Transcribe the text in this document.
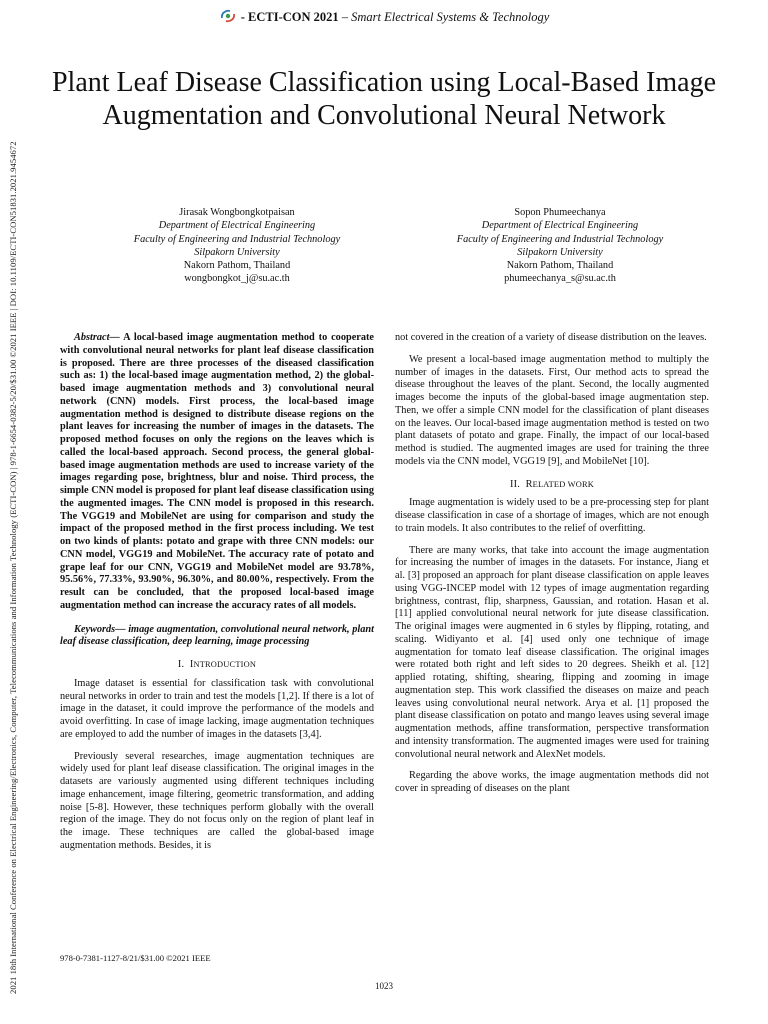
- ECTI-CON 2021 – Smart Electrical Systems & Technology
2021 18th International Conference on Electrical Engineering/Electronics, Computer, Telecommunications and Information Technology (ECTI-CON) | 978-1-6654-0382-5/20/$31.00 ©2021 IEEE | DOI: 10.1109/ECTI-CON51831.2021.9454672
Plant Leaf Disease Classification using Local-Based Image Augmentation and Convolutional Neural Network
Jirasak Wongbongkotpaisan
Department of Electrical Engineering
Faculty of Engineering and Industrial Technology
Silpakorn University
Nakorn Pathom, Thailand
wongbongkot_j@su.ac.th
Sopon Phumeechanya
Department of Electrical Engineering
Faculty of Engineering and Industrial Technology
Silpakorn University
Nakorn Pathom, Thailand
phumeechanya_s@su.ac.th
Abstract— A local-based image augmentation method to cooperate with convolutional neural networks for plant leaf disease classification is proposed. There are three processes of the diseased classification such as: 1) the local-based image augmentation method, 2) the global-based image augmentation methods and 3) convolutional neural network (CNN) models. First process, the local-based image augmentation method is designed to distribute disease regions on the plant leaves for increasing the number of images in the datasets. The proposed method focuses on only the regions on the leaves which is called the local-based approach. Second process, the general global-based image augmentation methods are used to increase variety of the images regarding pose, brightness, blur and noise. Third process, the simple CNN model is proposed for plant leaf disease classification using the augmented images. The CNN model is proposed in this research. The VGG19 and MobileNet are using for comparison and study the impact of the proposed method in the first process including. We test on two kinds of plants: potato and grape with three CNN models: our CNN model, VGG19 and MobileNet. The accuracy rate of potato and grape leaf for our CNN, VGG19 and MobileNet model are 93.78%, 95.56%, 77.33%, 93.90%, 96.30%, and 80.00%, respectively. From the result can be concluded, that the proposed local-based image augmentation method can increase the accuracy rates of all models.
Keywords— image augmentation, convolutional neural network, plant leaf disease classification, deep learning, image processing
I. INTRODUCTION

Image dataset is essential for classification task with convolutional neural networks in order to train and test the models [1,2]. If there is a lot of image in the dataset, it could improve the performance of the models and avoid overfitting. In case of image lacking, image augmentation techniques are employed to add the number of images in the datasets [3,4].

Previously several researches, image augmentation techniques are widely used for plant leaf disease classification. The original images in the datasets are variously augmented using different techniques including image enhancement, image filtering, geometric transformation, and adding noise [5-8]. However, these techniques perform globally with the overall region of the image. They do not focus only on the region of plant leaf in the image. These techniques are called the global-based image augmentation methods. Besides, it is

not covered in the creation of a variety of disease distribution on the leaves.

We present a local-based image augmentation method to multiply the number of images in the datasets. First, Our method acts to spread the disease throughout the leaves of the plant. Second, the locally augmented images become the inputs of the global-based image augmentation step. Then, we offer a simple CNN model for the classification of plant diseases on the leaves. Our local-based image augmentation method is tested on two plant datasets of potato and grape. Finally, the impact of our local-based method is studied. The augmented images are used for training the three models via the CNN model, VGG19 [9], and MobileNet [10].

II. RELATED WORK

Image augmentation is widely used to be a pre-processing step for plant disease classification in case of a shortage of images, which are not enough to train models. It also contributes to the relief of overfitting.

There are many works, that take into account the image augmentation for increasing the number of images in the datasets. For instance, Jiang et al. [3] proposed an approach for plant disease classification on apple leaves using VGG-INCEP model with 12 types of image augmentation regarding brightness, contrast, flip, sharpness, Gaussian, and rotation. Hasan et al. [11] applied convolutional neural network for jute disease classification. The original images were augmented in 6 styles by flipping, rotating, and scaling. Widiyanto et al. [4] used only one technique of image augmentation for tomato leaf disease classification. The original images were rotated both right and left sides to 20 degrees. Sheikh et al. [12] applied rotating, shifting, shearing, flipping and zooming in image augmentation step. This work classified the diseases on maize and peach leaves using convolutional neural network. Arya et al. [1] proposed the plant disease classification on potato and mango leaves using several image augmentation methods, affine transformation, perspective transformation and intensity transformation. The augmented images were used for training convolutional neural network and AlexNet models.

Regarding the above works, the image augmentation methods did not cover in spreading of diseases on the plant

978-0-7381-1127-8/21/$31.00 ©2021 IEEE
1023
